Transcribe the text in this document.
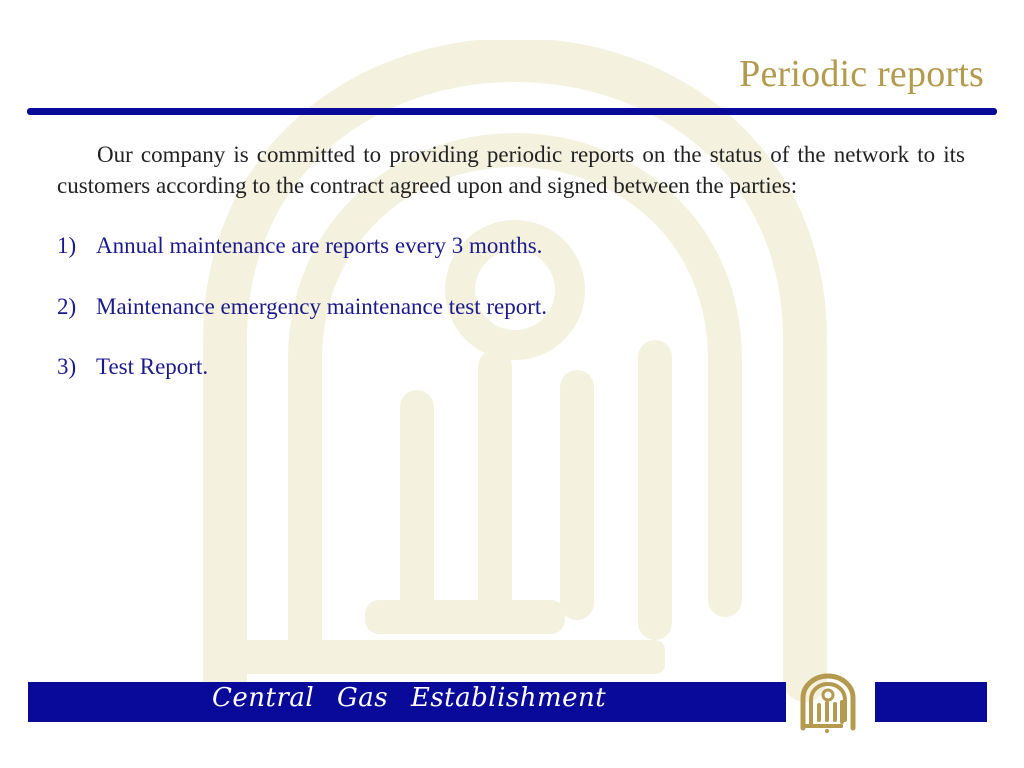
Periodic reports

Our company is committed to providing periodic reports on the status of the network to its customers according to the contract agreed upon and signed between the parties:

1) Annual maintenance are reports every 3 months.
2) Maintenance emergency maintenance test report.
3) Test Report.
Central Gas Establishment
